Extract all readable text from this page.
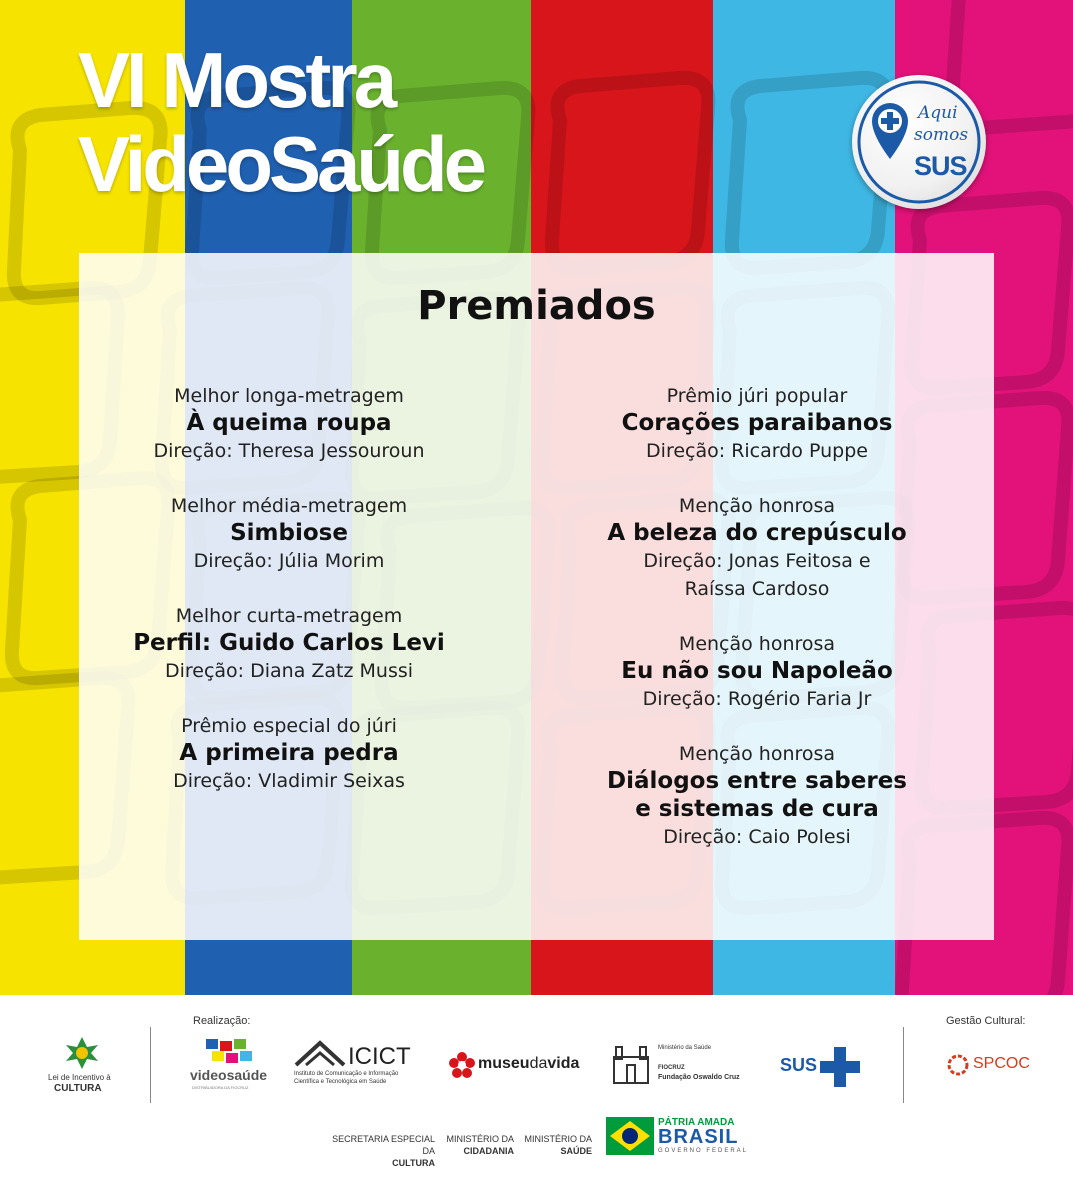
VI Mostra
VideoSaúde
Aqui
somos
SUS
Premiados
Melhor longa-metragem
À queima roupa
Direção: Theresa Jessouroun
Melhor média-metragem
Simbiose
Direção: Júlia Morim
Melhor curta-metragem
Perfil: Guido Carlos Levi
Direção: Diana Zatz Mussi
Prêmio especial do júri
A primeira pedra
Direção: Vladimir Seixas
Prêmio júri popular
Corações paraibanos
Direção: Ricardo Puppe
Menção honrosa
A beleza do crepúsculo
Direção: Jonas Feitosa e
Raíssa Cardoso
Menção honrosa
Eu não sou Napoleão
Direção: Rogério Faria Jr
Menção honrosa
Diálogos entre saberes
e sistemas de cura
Direção: Caio Polesi
Realização:	Gestão Cultural:
Lei de Incentivo à
CULTURA
videosaúde
DISTRIBUIDORA DA FIOCRUZ
ICICT
Instituto de Comunicação e Informação
Científica e Tecnológica em Saúde
museudavida
Ministério da Saúde
FIOCRUZ
Fundação Oswaldo Cruz
SUS	SPCOC
SECRETARIA ESPECIAL DA
CULTURA
MINISTÉRIO DA
CIDADANIA
MINISTÉRIO DA
SAÚDE
PÁTRIA AMADA
BRASIL
GOVERNO FEDERAL
